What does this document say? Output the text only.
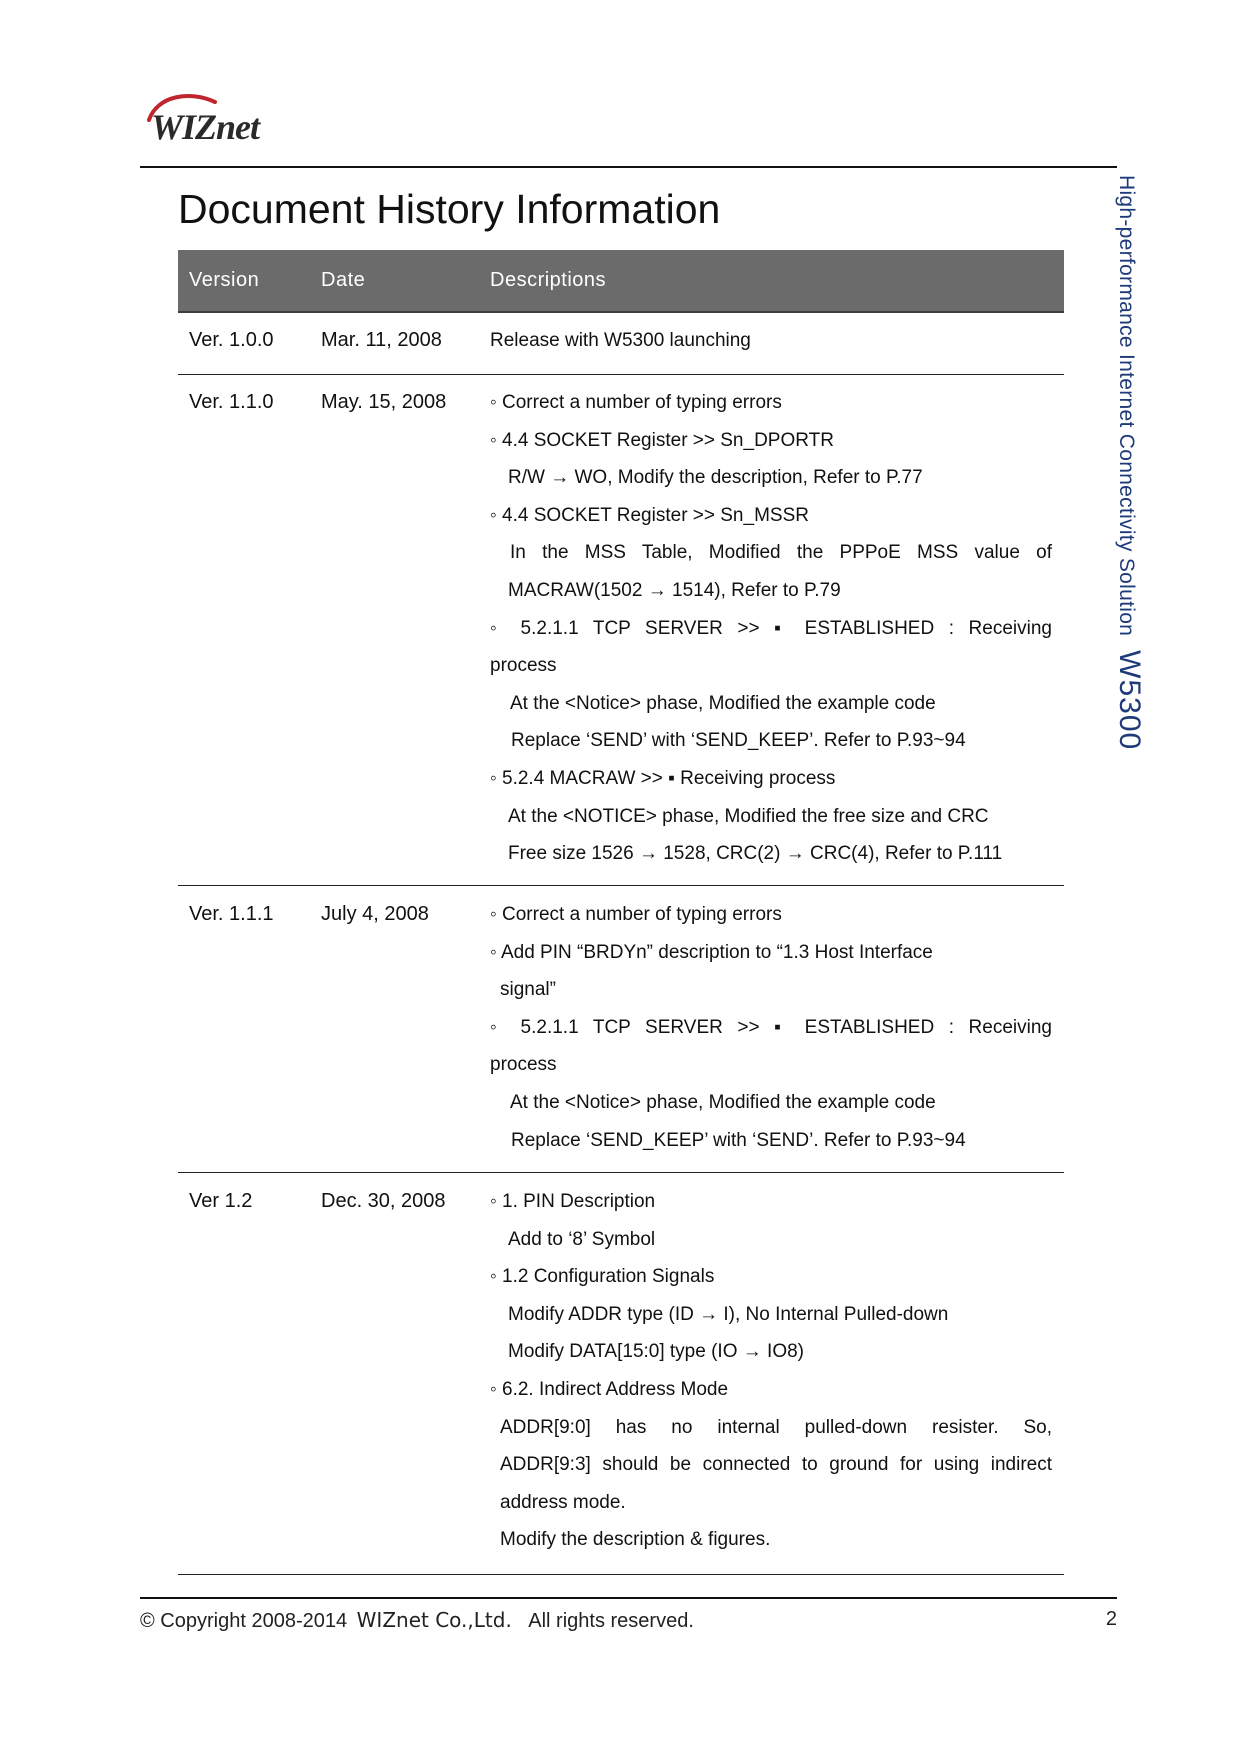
WIZnet
Document History Information	High-performance Internet Connectivity SolutionW5300
Version	Date	Descriptions
Ver. 1.0.0 Mar. 11, 2008	Release with W5300 launching
Ver. 1.1.0 May. 15, 2008 ◦ Correct a number of typing errors
◦ 4.4 SOCKET Register >> Sn_DPORTR
R/W → WO, Modify the description, Refer to P.77
◦ 4.4 SOCKET Register >> Sn_MSSR
In the MSS Table, Modified the PPPoE MSS value of
MACRAW(1502 → 1514), Refer to P.79
◦ 5.2.1.1 TCP SERVER >> ▪ ESTABLISHED : Receiving
process
At the <Notice> phase, Modified the example code
Replace ‘SEND’ with ‘SEND_KEEP’. Refer to P.93~94
◦ 5.2.4 MACRAW >> ▪ Receiving process
At the <NOTICE> phase, Modified the free size and CRC
Free size 1526 → 1528, CRC(2) → CRC(4), Refer to P.111
Ver. 1.1.1 July 4, 2008	◦ Correct a number of typing errors
◦ Add PIN “BRDYn” description to “1.3 Host Interface
signal”
◦ 5.2.1.1 TCP SERVER >> ▪ ESTABLISHED : Receiving
process
At the <Notice> phase, Modified the example code
Replace ‘SEND_KEEP’ with ‘SEND’. Refer to P.93~94
Ver 1.2	Dec. 30, 2008 ◦ 1. PIN Description
Add to ‘8’ Symbol
◦ 1.2 Configuration Signals
Modify ADDR type (ID → I), No Internal Pulled-down
Modify DATA[15:0] type (IO → IO8)
◦ 6.2. Indirect Address Mode
ADDR[9:0] has no internal pulled-down resister. So,
ADDR[9:3] should be connected to ground for using indirect
address mode.
Modify the description & figures.
© Copyright 2008-2014 WIZnet Co.,Ltd. All rights reserved.	2
